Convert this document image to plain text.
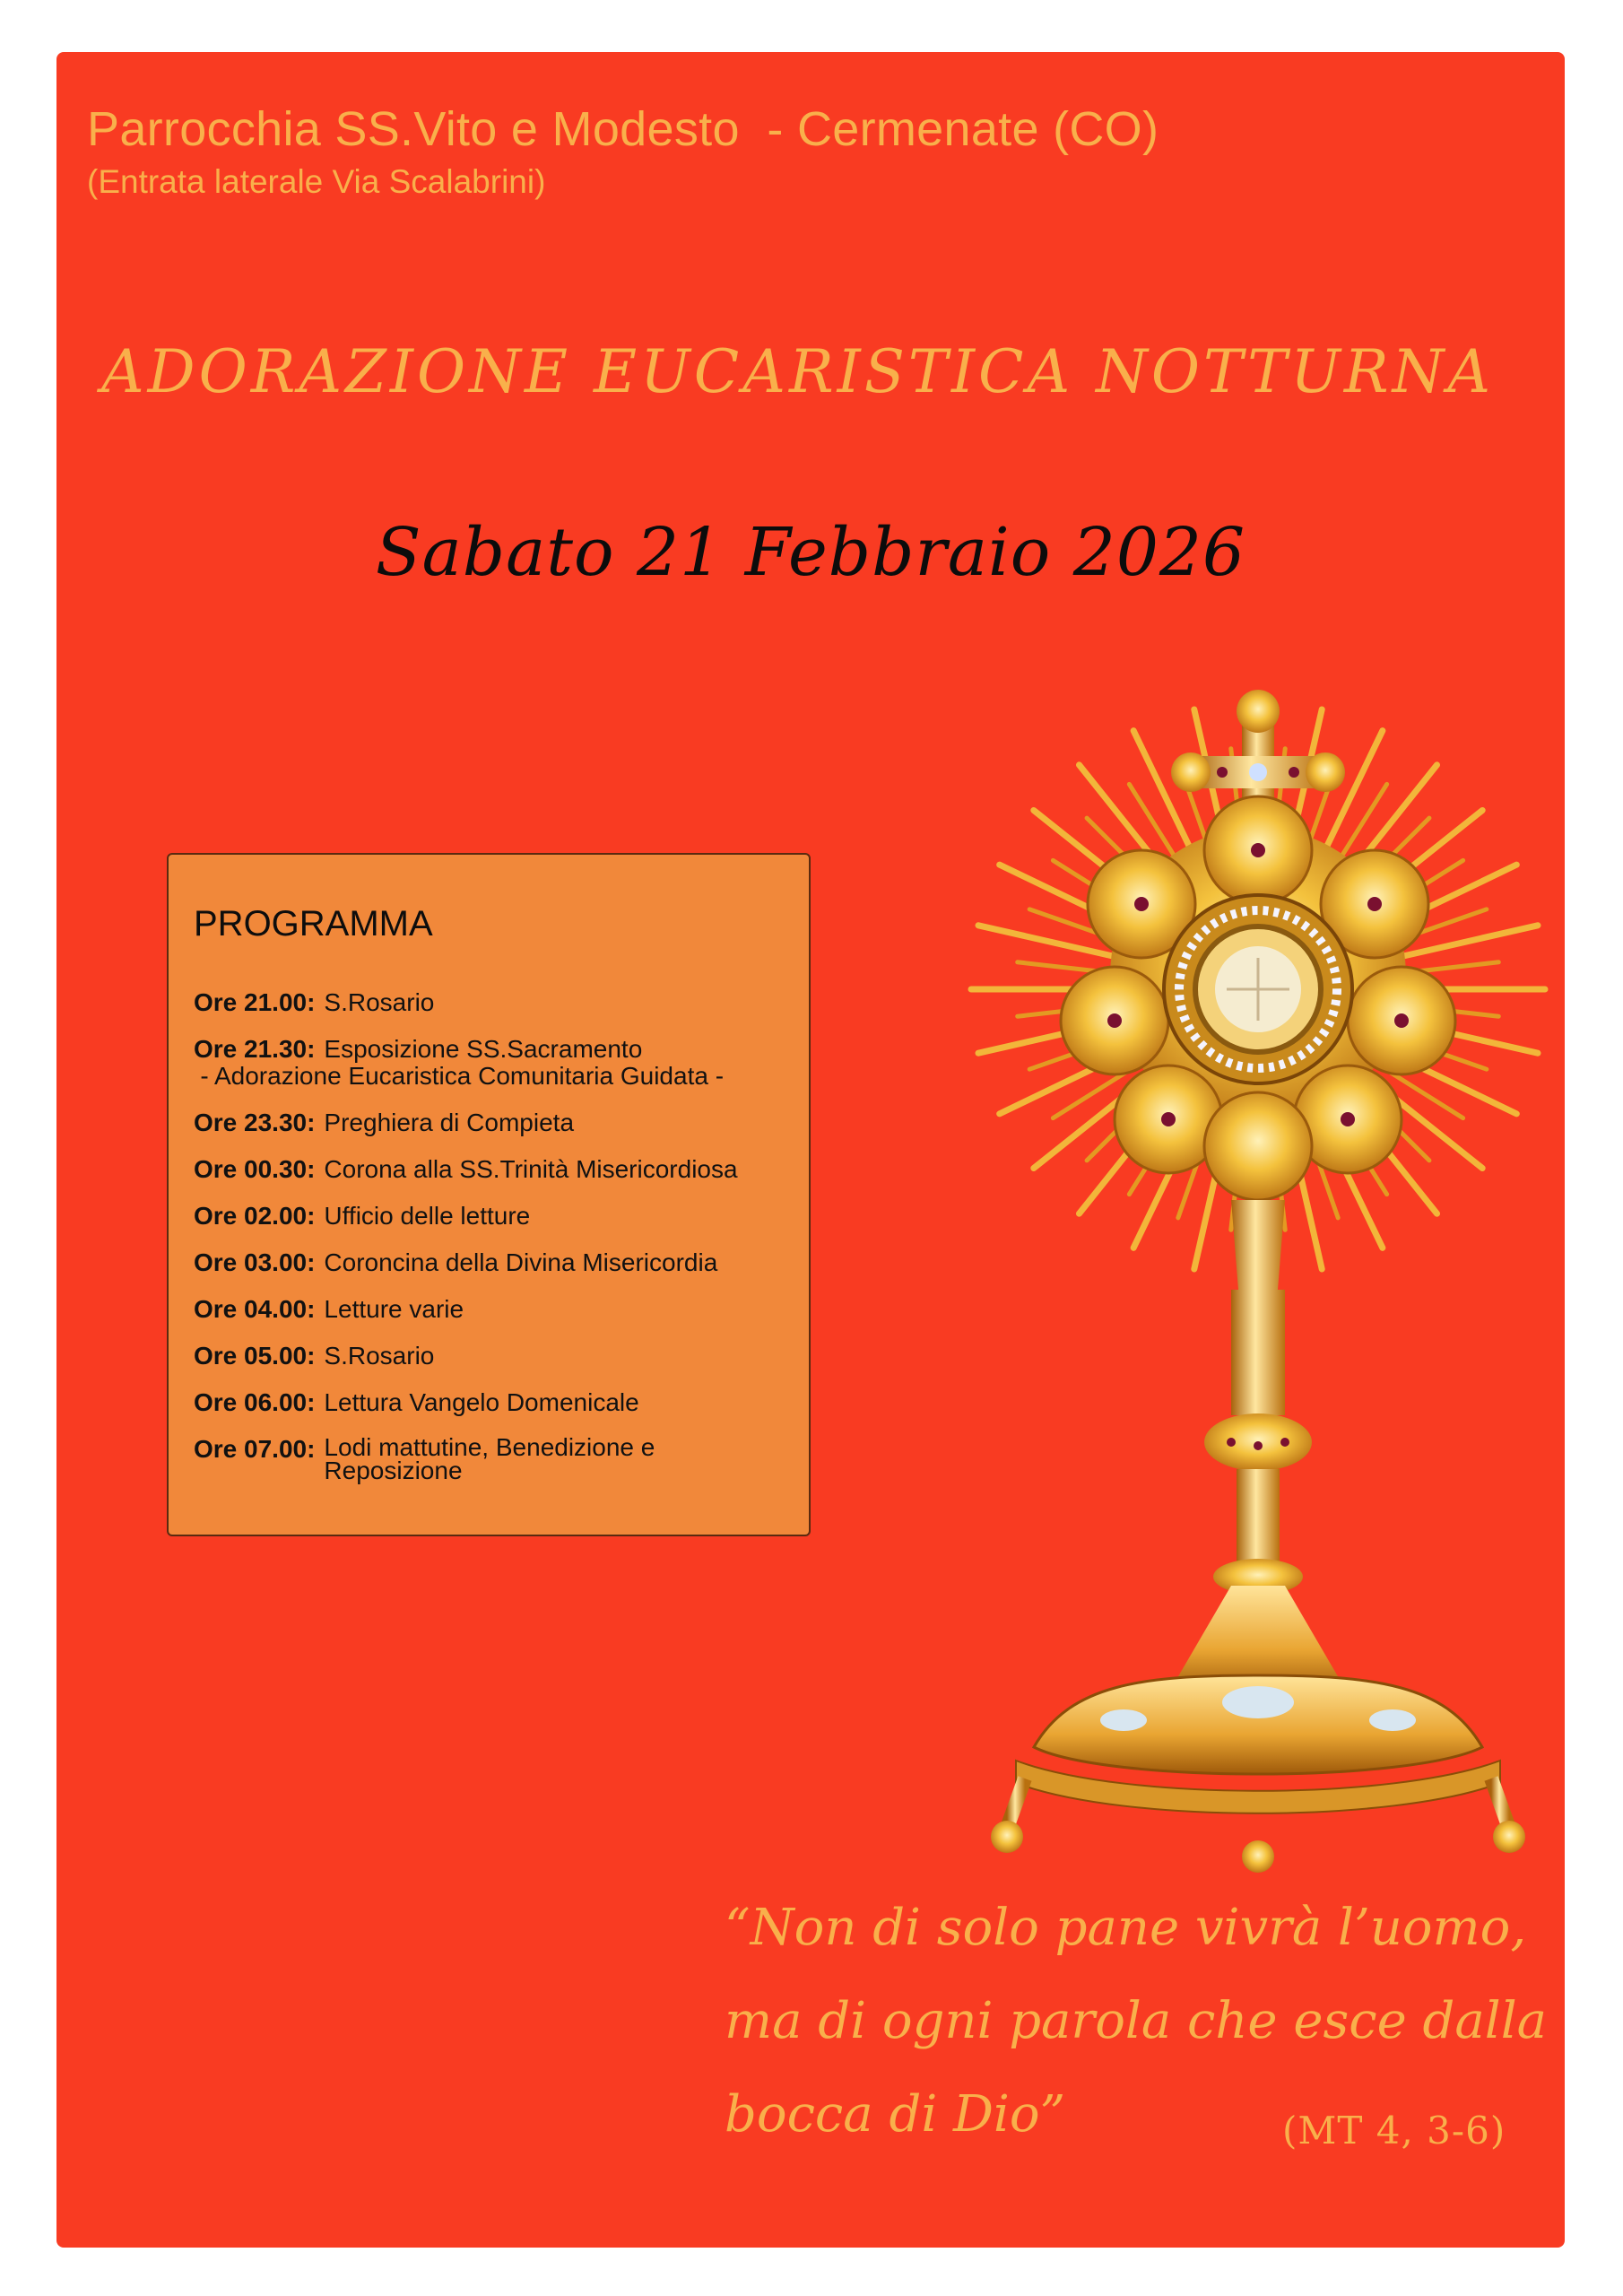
Parrocchia SS.Vito e Modesto  - Cermenate (CO)
(Entrata laterale Via Scalabrini)
ADORAZIONE EUCARISTICA NOTTURNA
Sabato 21 Febbraio 2026
PROGRAMMA
Ore 21.00: S.Rosario
Ore 21.30: Esposizione SS.Sacramento
- Adorazione Eucaristica Comunitaria Guidata -
Ore 23.30: Preghiera di Compieta
Ore 00.30: Corona alla SS.Trinità Misericordiosa
Ore 02.00: Ufficio delle letture
Ore 03.00: Coroncina della Divina Misericordia
Ore 04.00: Letture varie
Ore 05.00: S.Rosario
Ore 06.00: Lettura Vangelo Domenicale
Ore 07.00: Lodi mattutine, Benedizione e Reposizione
“Non di solo pane vivrà l’uomo,
ma di ogni parola che esce dalla
bocca di Dio”	(MT 4, 3-6)
